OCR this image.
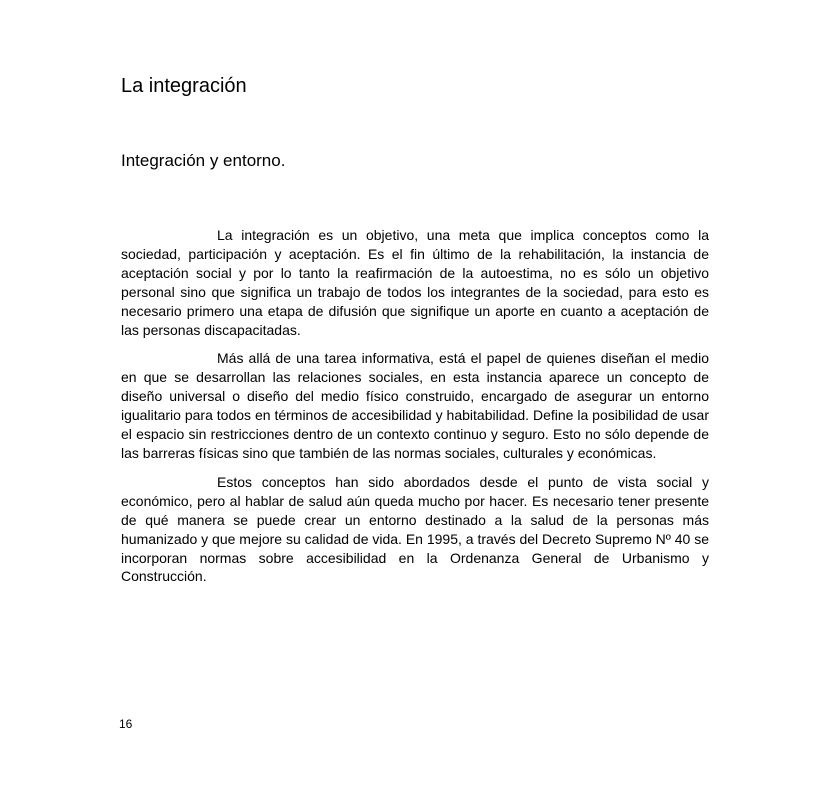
La integración
Integración y entorno.

La integración es un objetivo, una meta que implica conceptos como la sociedad, participación y aceptación. Es el fin último de la rehabilitación, la instancia de aceptación social y por lo tanto la reafirmación de la autoestima, no es sólo un objetivo personal sino que significa un trabajo de todos los integrantes de la sociedad, para esto es necesario primero una etapa de difusión que signifique un aporte en cuanto a aceptación de las personas discapacitadas.

Más allá de una tarea informativa, está el papel de quienes diseñan el medio en que se desarrollan las relaciones sociales, en esta instancia aparece un concepto de diseño universal o diseño del medio físico construido, encargado de asegurar un entorno igualitario para todos en términos de accesibilidad y habitabilidad. Define la posibilidad de usar el espacio sin restricciones dentro de un contexto continuo y seguro. Esto no sólo depende de las barreras físicas sino que también de las normas sociales, culturales y económicas.

Estos conceptos han sido abordados desde el punto de vista social y económico, pero al hablar de salud aún queda mucho por hacer. Es necesario tener presente de qué manera se puede crear un entorno destinado a la salud de la personas más humanizado y que mejore su calidad de vida. En 1995, a través del Decreto Supremo Nº 40 se incorporan normas sobre accesibilidad en la Ordenanza General de Urbanismo y Construcción.

16
